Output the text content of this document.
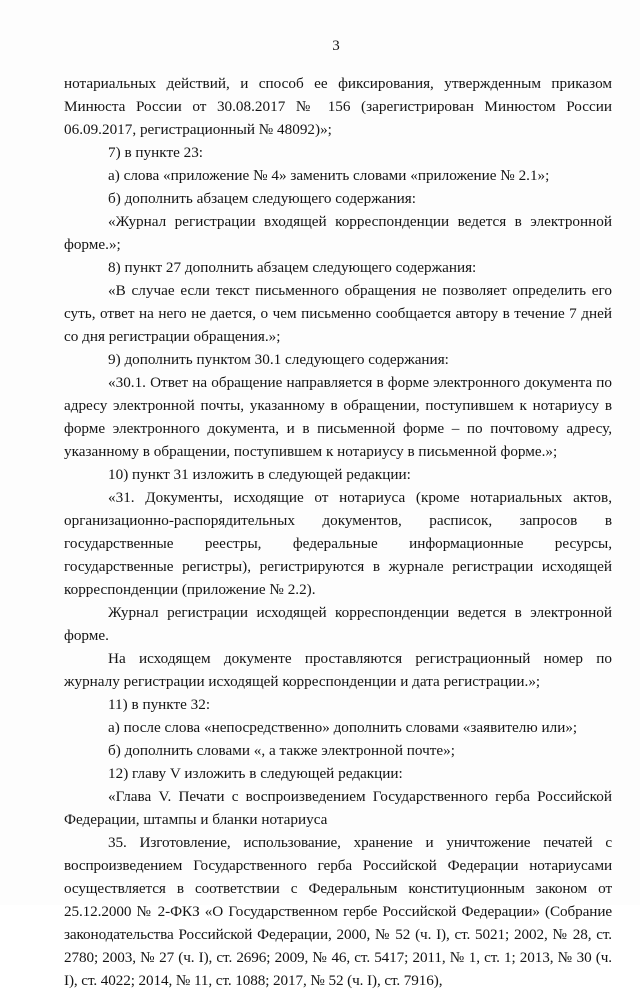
3

нотариальных действий, и способ ее фиксирования, утвержденным приказом Минюста России от 30.08.2017 № 156 (зарегистрирован Минюстом России 06.09.2017, регистрационный № 48092)»;

7) в пункте 23:

а) слова «приложение № 4» заменить словами «приложение № 2.1»;

б) дополнить абзацем следующего содержания:

«Журнал регистрации входящей корреспонденции ведется в электронной форме.»;

8) пункт 27 дополнить абзацем следующего содержания:

«В случае если текст письменного обращения не позволяет определить его суть, ответ на него не дается, о чем письменно сообщается автору в течение 7 дней со дня регистрации обращения.»;

9) дополнить пунктом 30.1 следующего содержания:

«30.1. Ответ на обращение направляется в форме электронного документа по адресу электронной почты, указанному в обращении, поступившем к нотариусу в форме электронного документа, и в письменной форме – по почтовому адресу, указанному в обращении, поступившем к нотариусу в письменной форме.»;

10) пункт 31 изложить в следующей редакции:

«31. Документы, исходящие от нотариуса (кроме нотариальных актов, организационно-распорядительных документов, расписок, запросов в государственные реестры, федеральные информационные ресурсы, государственные регистры), регистрируются в журнале регистрации исходящей корреспонденции (приложение № 2.2).

Журнал регистрации исходящей корреспонденции ведется в электронной форме.

На исходящем документе проставляются регистрационный номер по журналу регистрации исходящей корреспонденции и дата регистрации.»;

11) в пункте 32:

а) после слова «непосредственно» дополнить словами «заявителю или»;

б) дополнить словами «, а также электронной почте»;

12) главу V изложить в следующей редакции:

«Глава V. Печати с воспроизведением Государственного герба Российской Федерации, штампы и бланки нотариуса

35. Изготовление, использование, хранение и уничтожение печатей с воспроизведением Государственного герба Российской Федерации нотариусами осуществляется в соответствии с Федеральным конституционным законом от 25.12.2000 № 2-ФКЗ «О Государственном гербе Российской Федерации» (Собрание законодательства Российской Федерации, 2000, № 52 (ч. I), ст. 5021; 2002, № 28, ст. 2780; 2003, № 27 (ч. I), ст. 2696; 2009, № 46, ст. 5417; 2011, № 1, ст. 1; 2013, № 30 (ч. I), ст. 4022; 2014, № 11, ст. 1088; 2017, № 52 (ч. I), ст. 7916),
